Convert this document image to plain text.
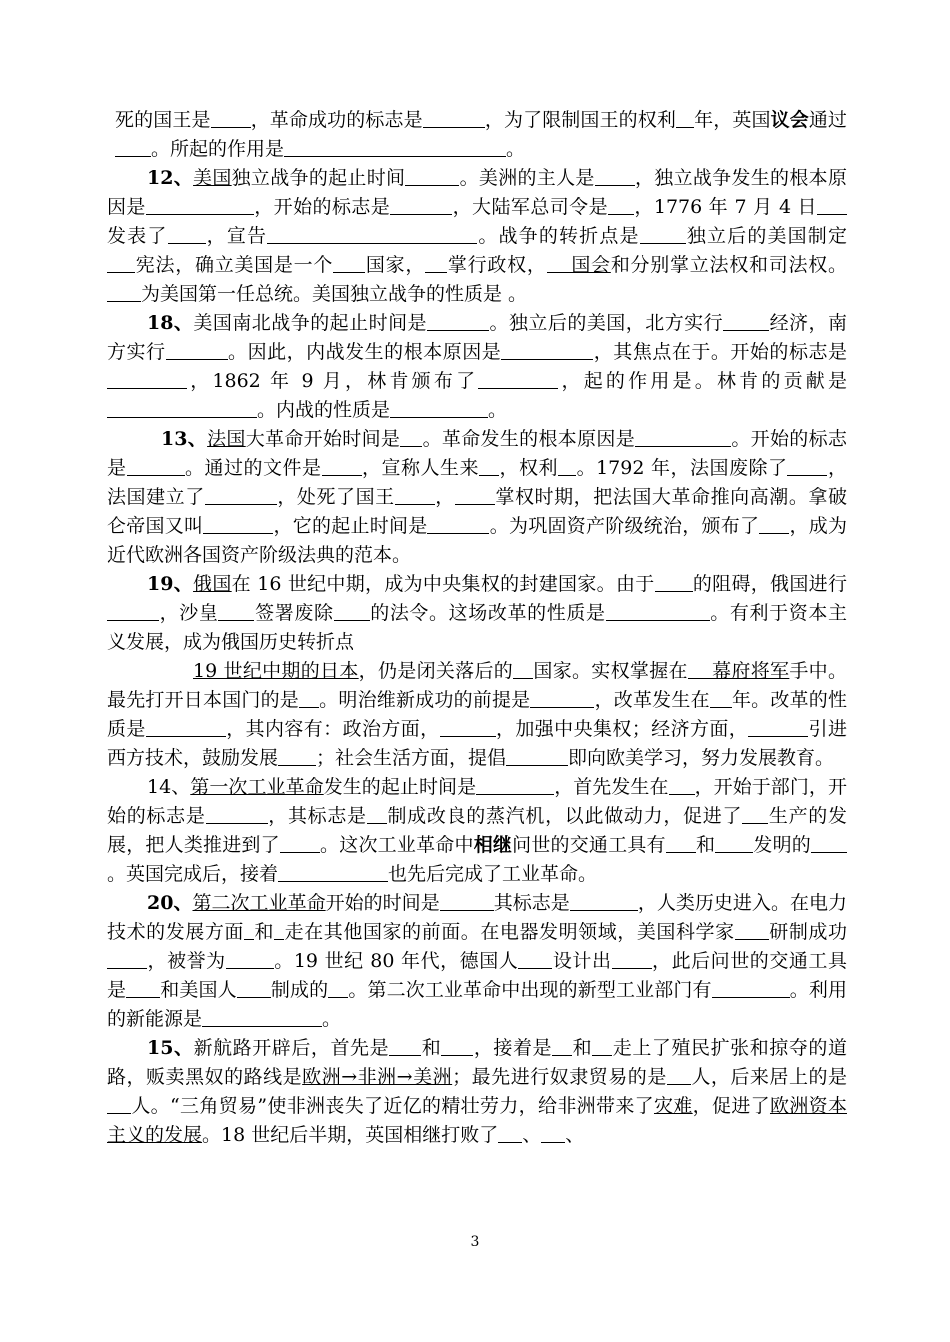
死的国王是 ，革命成功的标志是	，为了限制国王的权利 年，英国议会通过。所起的作用是	。

12、美国独立战争的起止时间	。美洲的主人是 ，独立战争发生的根本原因是	，开始的标志是	，大陆军总司令是 ，1776 年 7 月 4 日发表了 ，宣告	。战争的转折点是 独立后的美国制定宪法，确立美国是一个 国家， 掌行政权， 国会和分别掌立法权和司法权。为美国第一任总统。美国独立战争的性质是 。

18、美国南北战争的起止时间是	。独立后的美国，北方实行 经济，南方实行	。因此，内战发生的根本原因是	，其焦点在于。开始的标志是，1862 年 9 月，林肯颁布了	，起的作用是。林肯的贡献是。内战的性质是	。

13、法国大革命开始时间是 。革命发生的根本原因是	。开始的标志是	。通过的文件是 ，宣称人生来 ，权利 。1792 年，法国废除了 ，法国建立了	，处死了国王 ， 掌权时期，把法国大革命推向高潮。拿破仑帝国又叫	，它的起止时间是	。为巩固资产阶级统治，颁布了 ，成为近代欧洲各国资产阶级法典的范本。

19、俄国在 16 世纪中期，成为中央集权的封建国家。由于 的阻碍，俄国进行，沙皇 签署废除 的法令。这场改革的性质是	。有利于资本主义发展，成为俄国历史转折点

19 世纪中期的日本，仍是闭关落后的 国家。实权掌握在 幕府将军手中。最先打开日本国门的是 。明治维新成功的前提是	，改革发生在 年。改革的性质是	，其内容有：政治方面，	，加强中央集权；经济方面，	引进西方技术，鼓励发展 ；社会生活方面，提倡	即向欧美学习，努力发展教育。

14、第一次工业革命发生的起止时间是	，首先发生在 ，开始于部门，开始的标志是	，其标志是 制成改良的蒸汽机，以此做动力，促进了 生产的发展，把人类推进到了 。这次工业革命中相继问世的交通工具有 和 发明的。英国完成后，接着	也先后完成了工业革命。

20、第二次工业革命开始的时间是	其标志是	，人类历史进入。在电力技术的发展方面 和 走在其他国家的前面。在电器发明领域，美国科学家 研制成功，被誉为	。19 世纪 80 年代，德国人 设计出 ，此后问世的交通工具是 和美国人 制成的 。第二次工业革命中出现的新型工业部门有	。利用的新能源是	。

15、新航路开辟后，首先是 和 ，接着是 和 走上了殖民扩张和掠夺的道路，贩卖黑奴的路线是欧洲→非洲→美洲；最先进行奴隶贸易的是 人，后来居上的是人。“三角贸易”使非洲丧失了近亿的精壮劳力，给非洲带来了灾难，促进了欧洲资本主义的发展。18 世纪后半期，英国相继打败了 、 、

3
